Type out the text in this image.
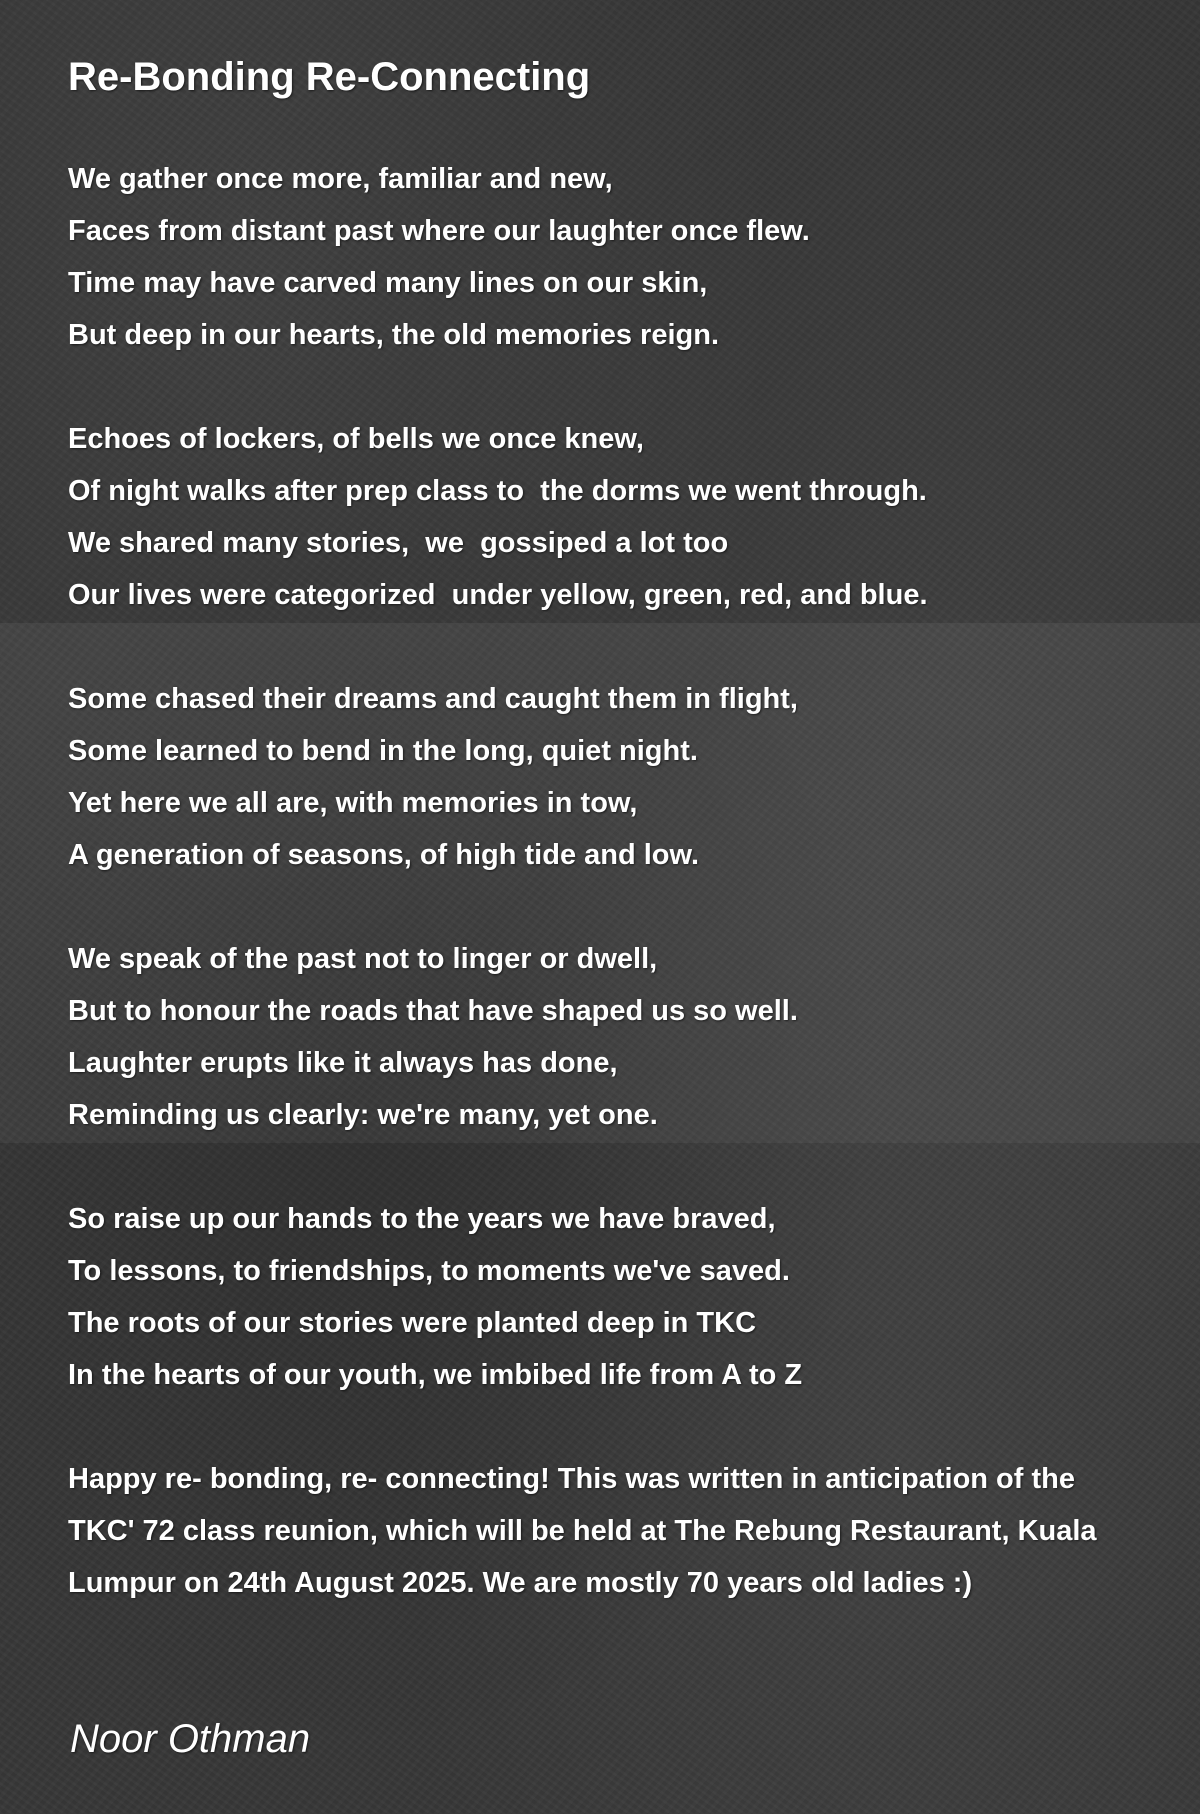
Re-Bonding Re-Connecting
We gather once more, familiar and new,
Faces from distant past where our laughter once flew.
Time may have carved many lines on our skin,
But deep in our hearts, the old memories reign.
Echoes of lockers, of bells we once knew,
Of night walks after prep class to  the dorms we went through.
We shared many stories,  we  gossiped a lot too
Our lives were categorized  under yellow, green, red, and blue.
Some chased their dreams and caught them in flight,
Some learned to bend in the long, quiet night.
Yet here we all are, with memories in tow,
A generation of seasons, of high tide and low.
We speak of the past not to linger or dwell,
But to honour the roads that have shaped us so well.
Laughter erupts like it always has done,
Reminding us clearly: we're many, yet one.
So raise up our hands to the years we have braved,
To lessons, to friendships, to moments we've saved.
The roots of our stories were planted deep in TKC
In the hearts of our youth, we imbibed life from A to Z
Happy re- bonding, re- connecting! This was written in anticipation of the TKC' 72 class reunion, which will be held at The Rebung Restaurant, Kuala Lumpur on 24th August 2025. We are mostly 70 years old ladies :)
Noor Othman
